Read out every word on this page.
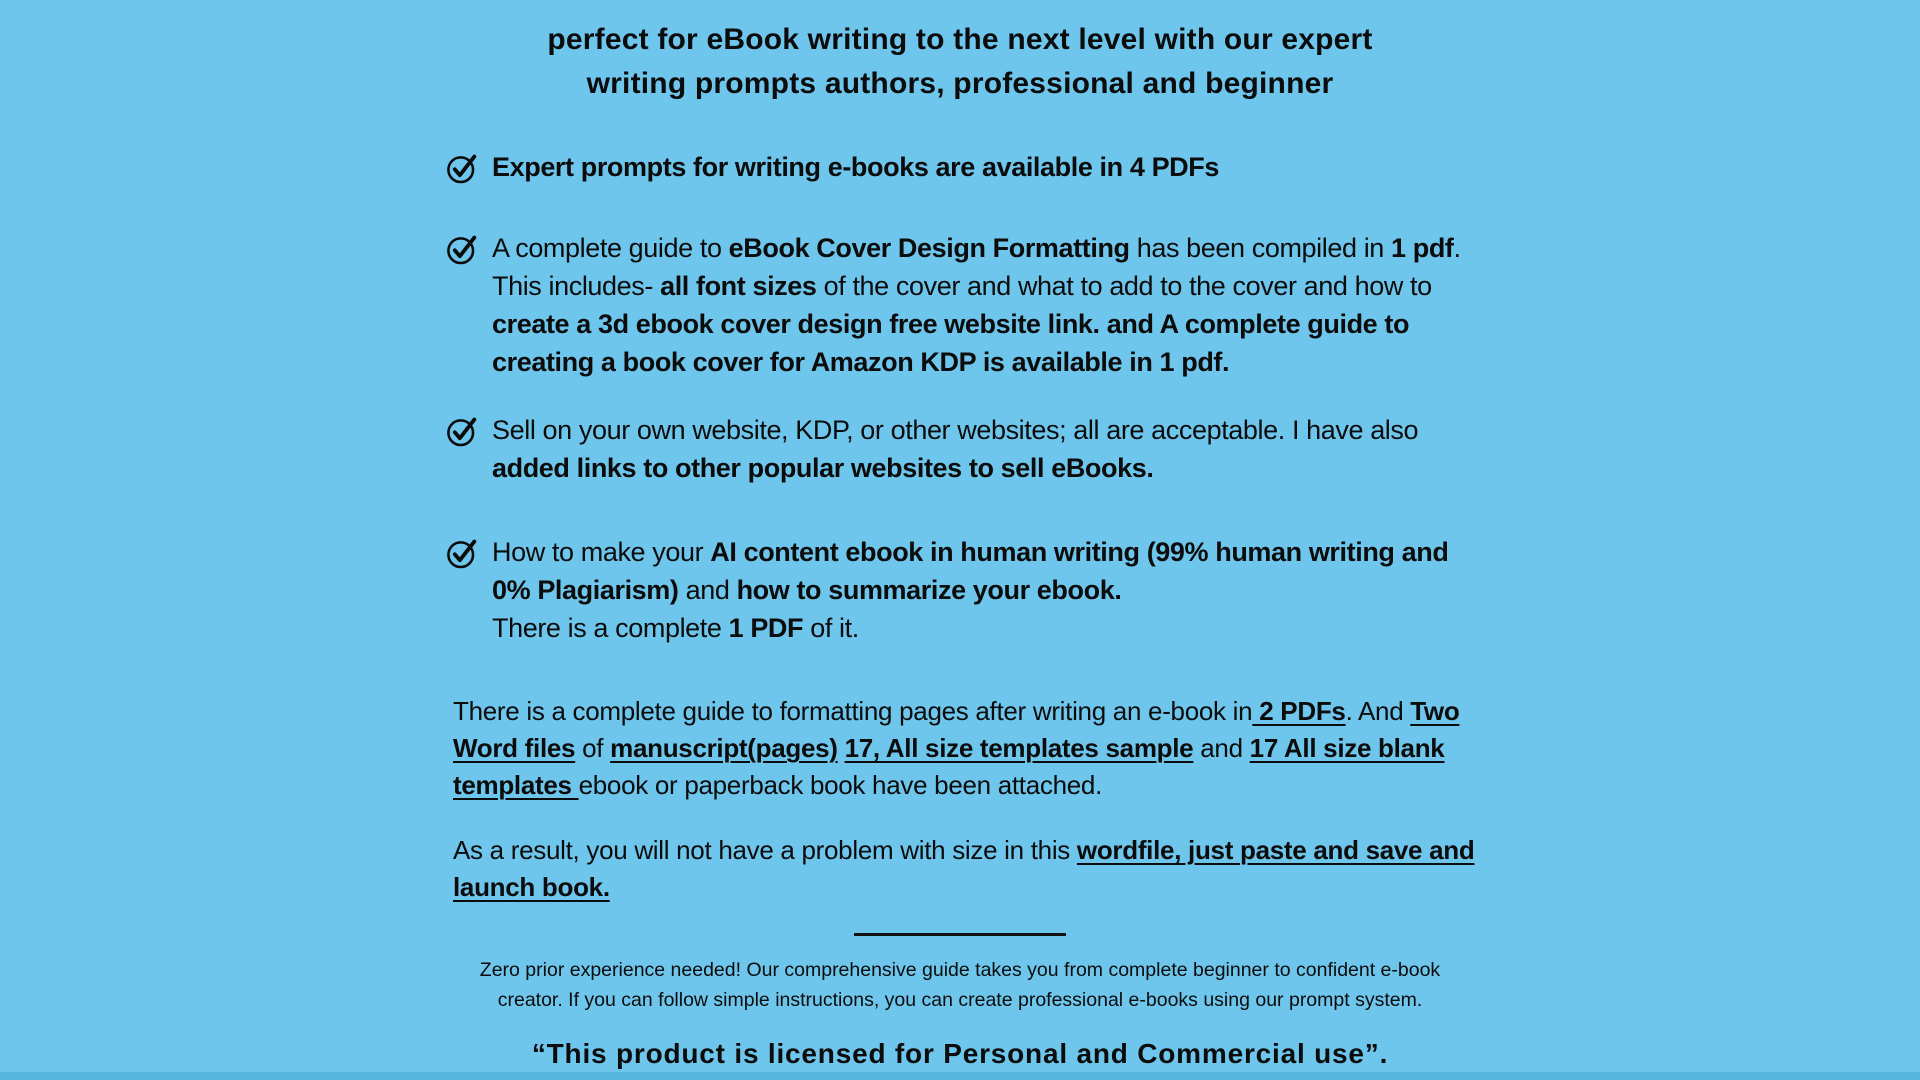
perfect for eBook writing to the next level with our expert
writing prompts authors, professional and beginner
Expert prompts for writing e-books are available in 4 PDFs
A complete guide to eBook Cover Design Formatting has been compiled in 1 pdf. This includes- all font sizes of the cover and what to add to the cover and how to create a 3d ebook cover design free website link. and A complete guide to creating a book cover for Amazon KDP is available in 1 pdf.
Sell on your own website, KDP, or other websites; all are acceptable. I have also added links to other popular websites to sell eBooks.
How to make your AI content ebook in human writing (99% human writing and 0% Plagiarism) and how to summarize your ebook.
There is a complete 1 PDF of it.
There is a complete guide to formatting pages after writing an e-book in 2 PDFs. And Two Word files of manuscript(pages) 17, All size templates sample and 17 All size blank templates ebook or paperback book have been attached.
As a result, you will not have a problem with size in this wordfile, just paste and save and launch book.
Zero prior experience needed! Our comprehensive guide takes you from complete beginner to confident e-book creator. If you can follow simple instructions, you can create professional e-books using our prompt system.
“This product is licensed for Personal and Commercial use”.
